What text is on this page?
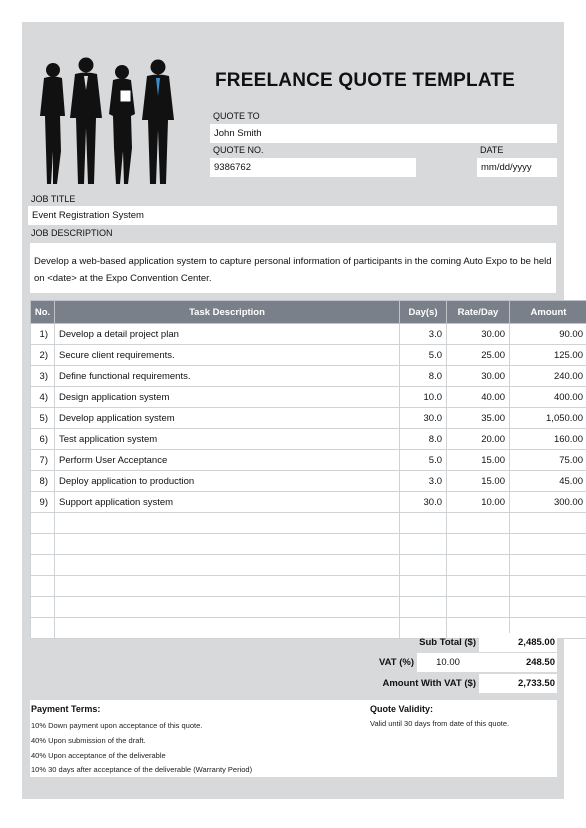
FREELANCE QUOTE TEMPLATE
QUOTE TO
John Smith
QUOTE NO.
9386762
DATE
mm/dd/yyyy
JOB TITLE
Event Registration System
JOB DESCRIPTION
Develop a web-based application system to capture personal information of participants in the coming Auto Expo to be held on <date> at the Expo Convention Center.
No.	Task Description	Day(s)	Rate/Day	Amount
1)	Develop a detail project plan	3.0	30.00	90.00
2)	Secure client requirements.	5.0	25.00	125.00
3)	Define functional requirements.	8.0	30.00	240.00
4)	Design application system	10.0	40.00	400.00
5)	Develop application system	30.0	35.00	1,050.00
6)	Test application system	8.0	20.00	160.00
7)	Perform User Acceptance	5.0	15.00	75.00
8)	Deploy application to production	3.0	15.00	45.00
9)	Support application system	30.0	10.00	300.00

Sub Total ($)	2,485.00
VAT (%)	10.00	248.50
Amount With VAT ($)	2,733.50
Payment Terms:
10% Down payment upon acceptance of this quote.
40% Upon submission of the draft.
40% Upon acceptance of the deliverable
10% 30 days after acceptance of the deliverable (Warranty Period)
Quote Validity:
Valid until 30 days from date of this quote.
